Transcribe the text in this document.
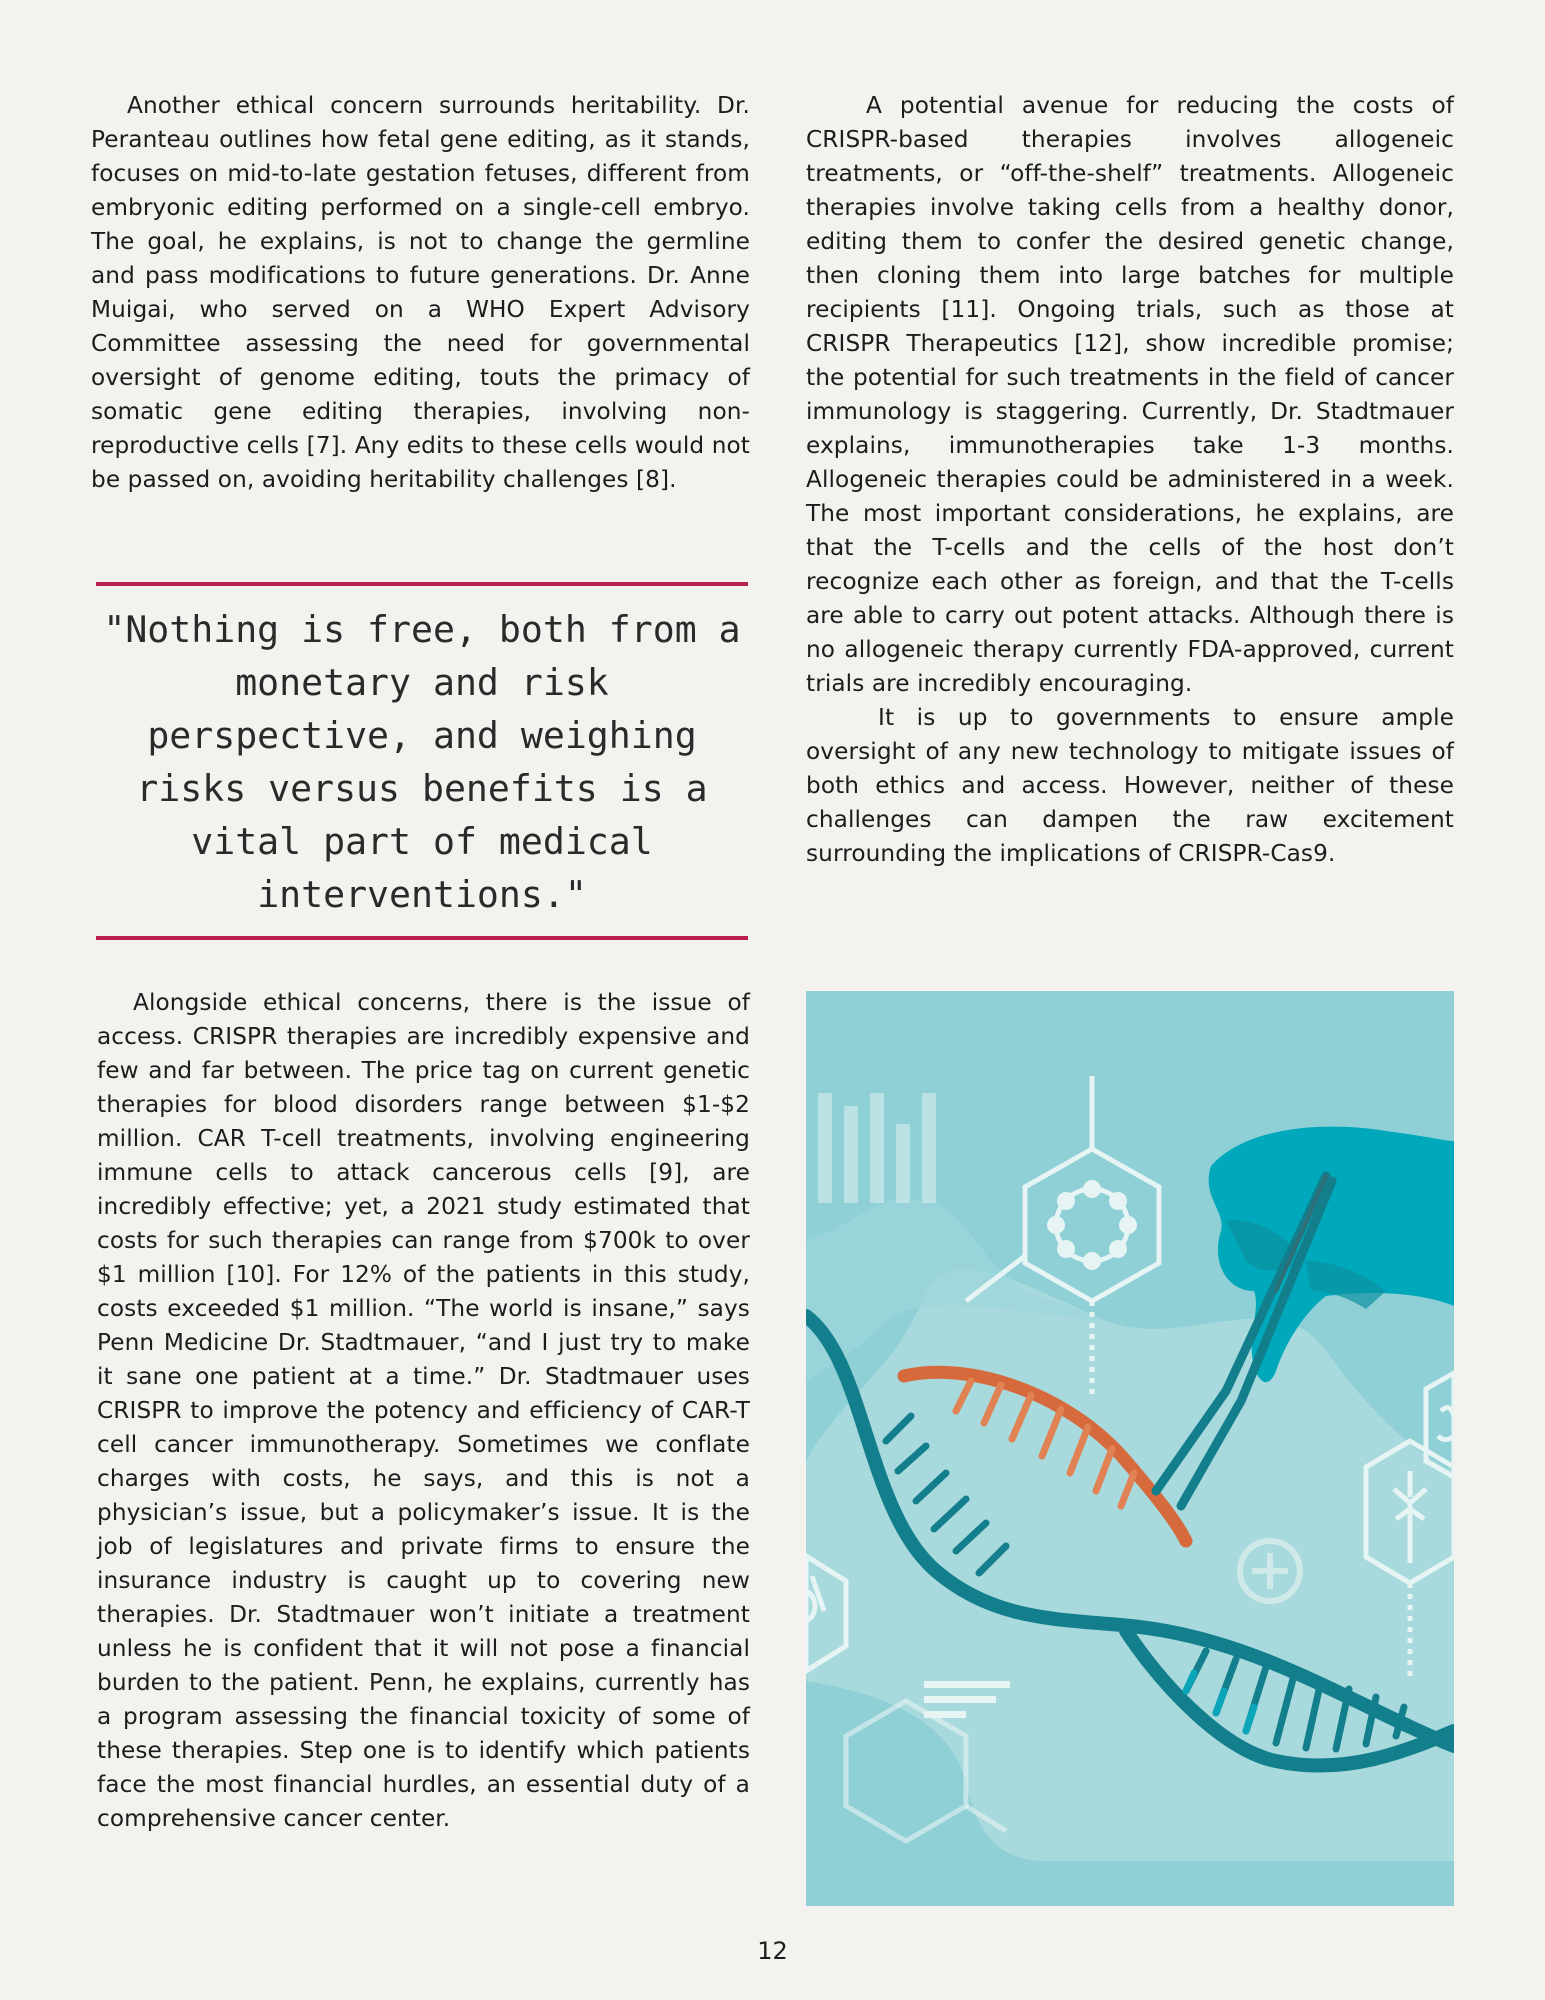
Another ethical concern surrounds heritability. Dr. Peranteau outlines how fetal gene editing, as it stands, focuses on mid-to-late gestation fetuses, different from embryonic editing performed on a single-cell embryo. The goal, he explains, is not to change the germline and pass modifications to future generations. Dr. Anne Muigai, who served on a WHO Expert Advisory Committee assessing the need for governmental oversight of genome editing, touts the primacy of somatic gene editing therapies, involving non-reproductive cells [7]. Any edits to these cells would not be passed on, avoiding heritability challenges [8].

"Nothing is free, both from a monetary and risk perspective, and weighing risks versus benefits is a vital part of medical interventions."

Alongside ethical concerns, there is the issue of access. CRISPR therapies are incredibly expensive and few and far between. The price tag on current genetic therapies for blood disorders range between $1-$2 million. CAR T-cell treatments, involving engineering immune cells to attack cancerous cells [9], are incredibly effective; yet, a 2021 study estimated that costs for such therapies can range from $700k to over $1 million [10]. For 12% of the patients in this study, costs exceeded $1 million. “The world is insane,” says Penn Medicine Dr. Stadtmauer, “and I just try to make it sane one patient at a time.” Dr. Stadtmauer uses CRISPR to improve the potency and efficiency of CAR-T cell cancer immunotherapy. Sometimes we conflate charges with costs, he says, and this is not a physician’s issue, but a policymaker’s issue. It is the job of legislatures and private firms to ensure the insurance industry is caught up to covering new therapies. Dr. Stadtmauer won’t initiate a treatment unless he is confident that it will not pose a financial burden to the patient. Penn, he explains, currently has a program assessing the financial toxicity of some of these therapies. Step one is to identify which patients face the most financial hurdles, an essential duty of a comprehensive cancer center.

A potential avenue for reducing the costs of CRISPR-based therapies involves allogeneic treatments, or “off-the-shelf” treatments. Allogeneic therapies involve taking cells from a healthy donor, editing them to confer the desired genetic change, then cloning them into large batches for multiple recipients [11]. Ongoing trials, such as those at CRISPR Therapeutics [12], show incredible promise; the potential for such treatments in the field of cancer immunology is staggering. Currently, Dr. Stadtmauer explains, immunotherapies take 1-3 months. Allogeneic therapies could be administered in a week. The most important considerations, he explains, are that the T-cells and the cells of the host don’t recognize each other as foreign, and that the T-cells are able to carry out potent attacks. Although there is no allogeneic therapy currently FDA-approved, current trials are incredibly encouraging.

It is up to governments to ensure ample oversight of any new technology to mitigate issues of both ethics and access. However, neither of these challenges can dampen the raw excitement surrounding the implications of CRISPR-Cas9.

12
